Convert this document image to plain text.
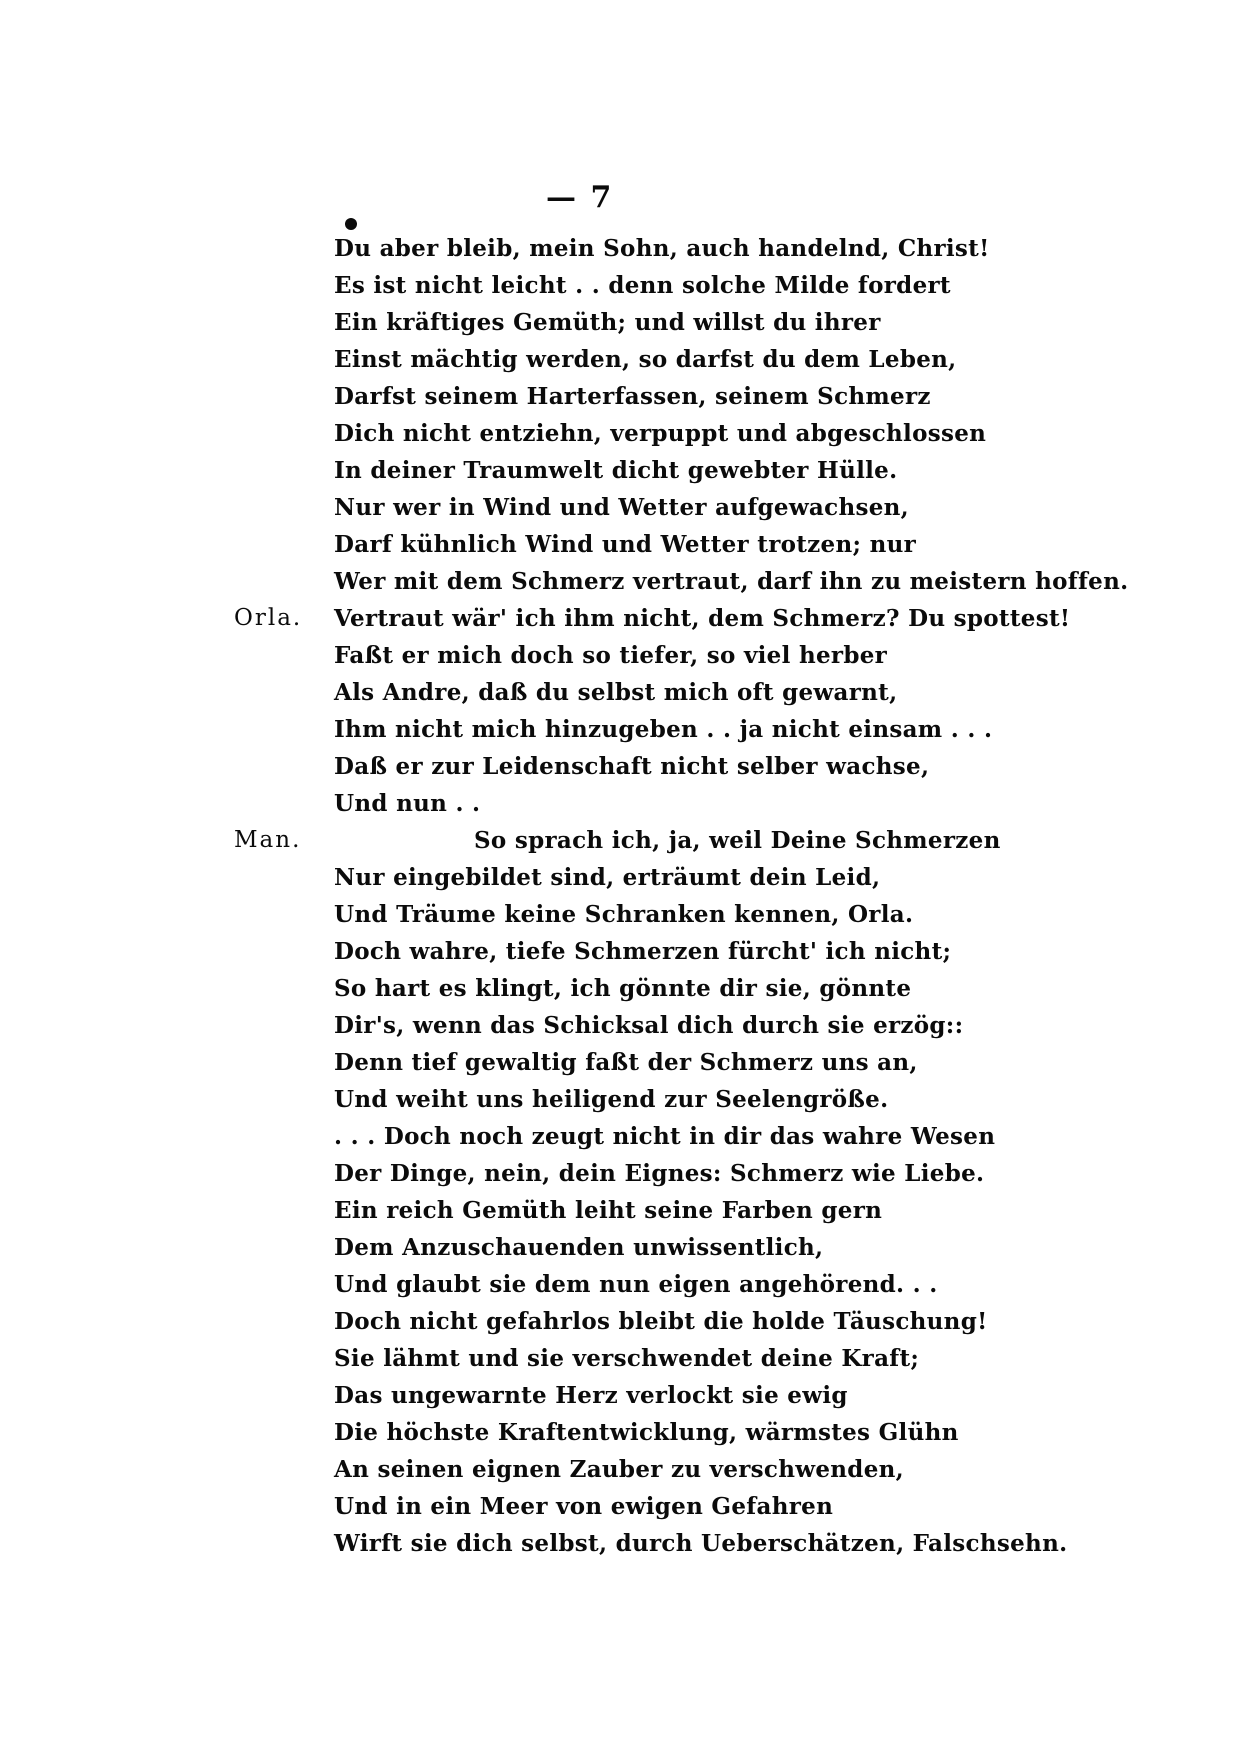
— 7
Du aber bleib, mein Sohn, auch handelnd, Christ!
Es ist nicht leicht . . denn solche Milde fordert
Ein kräftiges Gemüth; und willst du ihrer
Einst mächtig werden, so darfst du dem Leben,
Darfst seinem Harterfassen, seinem Schmerz
Dich nicht entziehn, verpuppt und abgeschlossen
In deiner Traumwelt dicht gewebter Hülle.
Nur wer in Wind und Wetter aufgewachsen,
Darf kühnlich Wind und Wetter trotzen; nur
Wer mit dem Schmerz vertraut, darf ihn zu meistern hoffen.
Orla. Vertraut wär' ich ihm nicht, dem Schmerz? Du spottest!
Faßt er mich doch so tiefer, so viel herber
Als Andre, daß du selbst mich oft gewarnt,
Ihm nicht mich hinzugeben . . ja nicht einsam . . .
Daß er zur Leidenschaft nicht selber wachse,
Und nun . .
Man.	So sprach ich, ja, weil Deine Schmerzen
Nur eingebildet sind, erträumt dein Leid,
Und Träume keine Schranken kennen, Orla.
Doch wahre, tiefe Schmerzen fürcht' ich nicht;
So hart es klingt, ich gönnte dir sie, gönnte
Dir's, wenn das Schicksal dich durch sie erzög::
Denn tief gewaltig faßt der Schmerz uns an,
Und weiht uns heiligend zur Seelengröße.
. . . Doch noch zeugt nicht in dir das wahre Wesen
Der Dinge, nein, dein Eignes: Schmerz wie Liebe.
Ein reich Gemüth leiht seine Farben gern
Dem Anzuschauenden unwissentlich,
Und glaubt sie dem nun eigen angehörend. . .
Doch nicht gefahrlos bleibt die holde Täuschung!
Sie lähmt und sie verschwendet deine Kraft;
Das ungewarnte Herz verlockt sie ewig
Die höchste Kraftentwicklung, wärmstes Glühn
An seinen eignen Zauber zu verschwenden,
Und in ein Meer von ewigen Gefahren
Wirft sie dich selbst, durch Ueberschätzen, Falschsehn.
